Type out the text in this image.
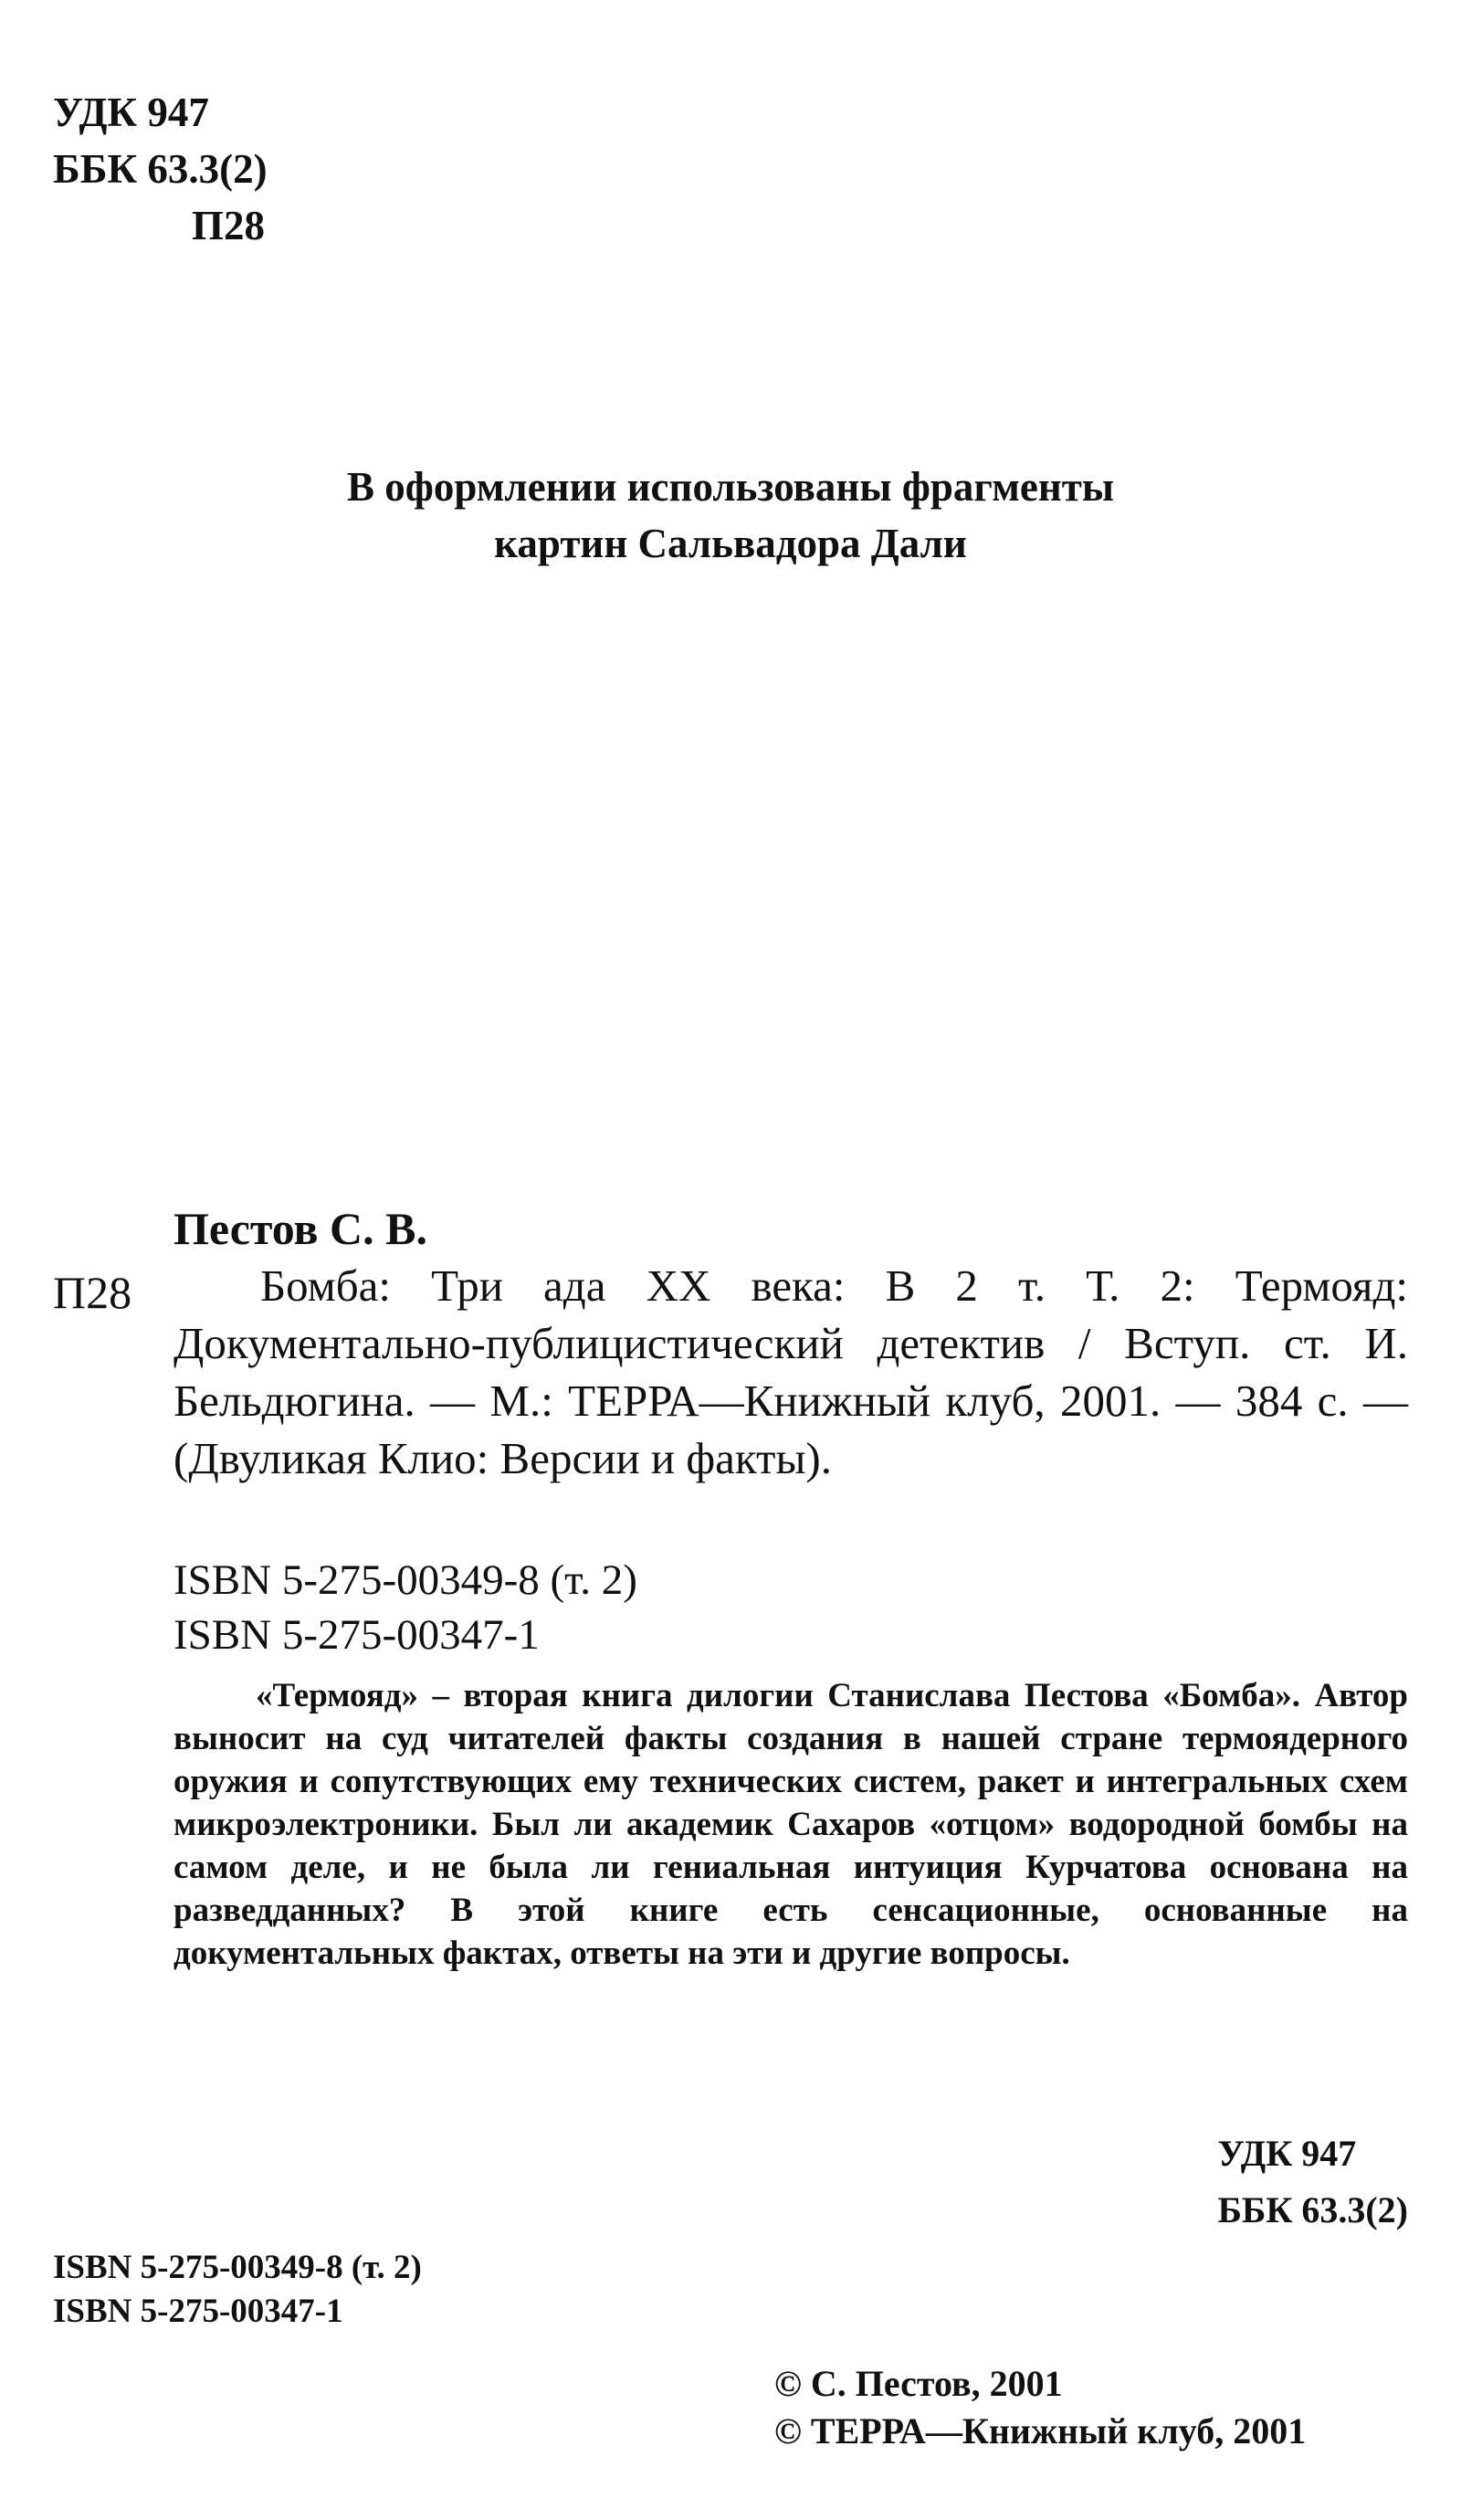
УДК 947
ББК 63.3(2)
П28
В оформлении использованы фрагменты
картин Сальвадора Дали
Пестов С. В.
П28	Бомба: Три ада XX века: В 2 т. Т. 2: Термояд: Документально-публицистический детектив / Вступ. ст. И. Бельдюгина. — М.: ТЕРРА—Книжный клуб, 2001. — 384 с. — (Двуликая Клио: Версии и факты).

ISBN 5-275-00349-8 (т. 2)
ISBN 5-275-00347-1

«Термояд» – вторая книга дилогии Станислава Пестова «Бомба». Автор выносит на суд читателей факты создания в нашей стране термоядерного оружия и сопутствующих ему технических систем, ракет и интегральных схем микроэлектроники. Был ли академик Сахаров «отцом» водородной бомбы на самом деле, и не была ли гениальная интуиция Курчатова основана на разведданных? В этой книге есть сенсационные, основанные на документальных фактах, ответы на эти и другие вопросы.

УДК 947
ББК 63.3(2)
ISBN 5-275-00349-8 (т. 2)
ISBN 5-275-00347-1
© С. Пестов, 2001
© ТЕРРА—Книжный клуб, 2001
